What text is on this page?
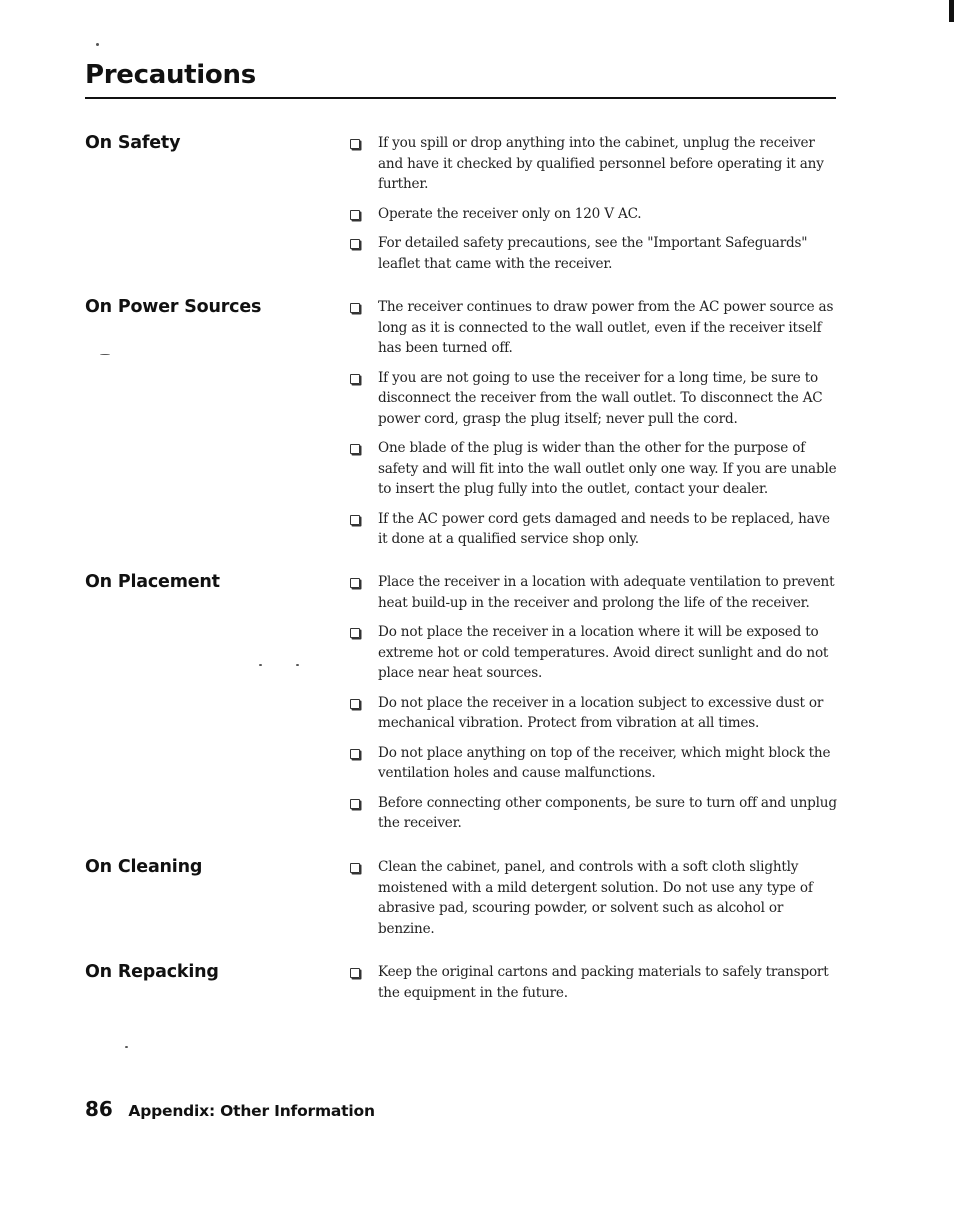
Precautions
On Safety	If you spill or drop anything into the cabinet, unplug the receiver and have it checked by qualified personnel before operating it any further.
Operate the receiver only on 120 V AC.
For detailed safety precautions, see the "Important Safeguards" leaflet that came with the receiver.
On Power Sources	The receiver continues to draw power from the AC power source as long as it is connected to the wall outlet, even if the receiver itself has been turned off.
If you are not going to use the receiver for a long time, be sure to disconnect the receiver from the wall outlet. To disconnect the AC power cord, grasp the plug itself; never pull the cord.
One blade of the plug is wider than the other for the purpose of safety and will fit into the wall outlet only one way. If you are unable to insert the plug fully into the outlet, contact your dealer.
If the AC power cord gets damaged and needs to be replaced, have it done at a qualified service shop only.
On Placement	Place the receiver in a location with adequate ventilation to prevent heat build-up in the receiver and prolong the life of the receiver.
Do not place the receiver in a location where it will be exposed to extreme hot or cold temperatures. Avoid direct sunlight and do not place near heat sources.
Do not place the receiver in a location subject to excessive dust or mechanical vibration. Protect from vibration at all times.
Do not place anything on top of the receiver, which might block the ventilation holes and cause malfunctions.
Before connecting other components, be sure to turn off and unplug the receiver.
On Cleaning	Clean the cabinet, panel, and controls with a soft cloth slightly moistened with a mild detergent solution. Do not use any type of abrasive pad, scouring powder, or solvent such as alcohol or benzine.
On Repacking	Keep the original cartons and packing materials to safely transport the equipment in the future.
86 Appendix: Other Information
